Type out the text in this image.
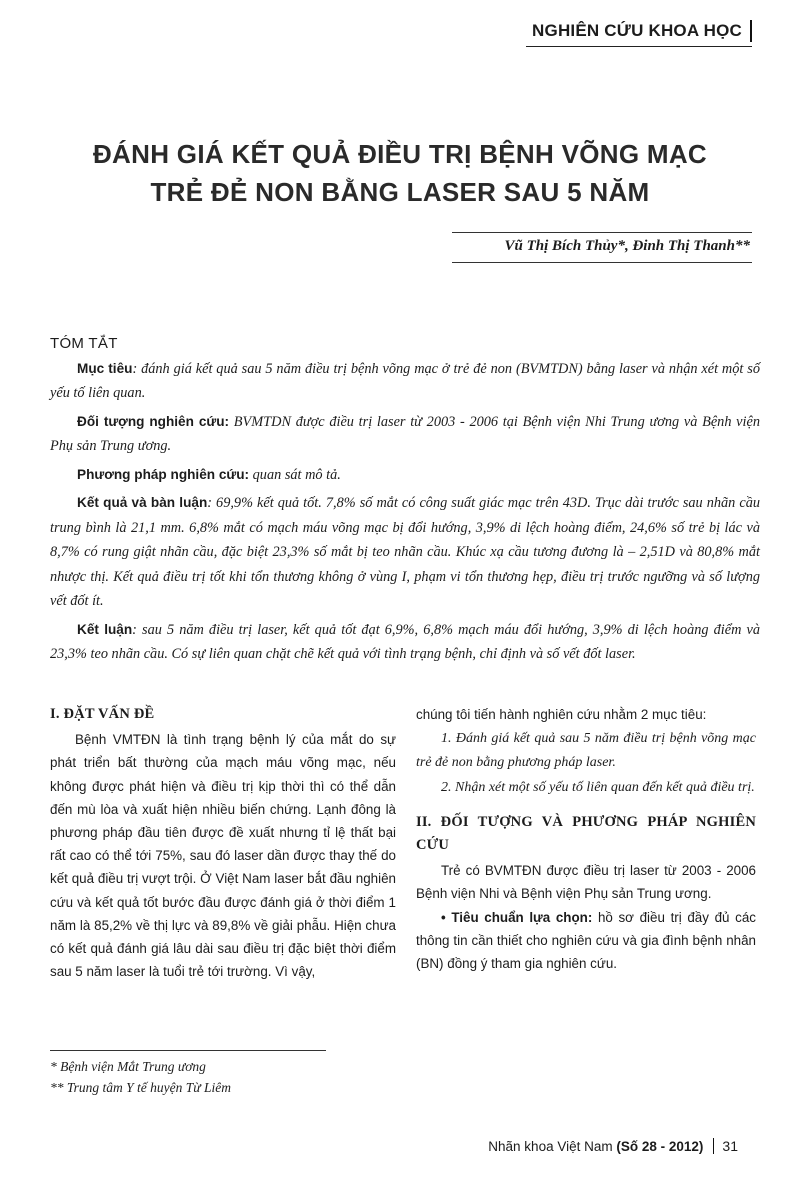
NGHIÊN CỨU KHOA HỌC
ĐÁNH GIÁ KẾT QUẢ ĐIỀU TRỊ BỆNH VÕNG MẠC
TRẺ ĐẺ NON BẰNG LASER SAU 5 NĂM
Vũ Thị Bích Thủy*, Đinh Thị Thanh**
TÓM TẮT

Mục tiêu: đánh giá kết quả sau 5 năm điều trị bệnh võng mạc ở trẻ đẻ non (BVMTDN) bằng laser và nhận xét một số yếu tố liên quan.

Đối tượng nghiên cứu: BVMTDN được điều trị laser từ 2003 - 2006 tại Bệnh viện Nhi Trung ương và Bệnh viện Phụ sản Trung ương.

Phương pháp nghiên cứu: quan sát mô tả.

Kết quả và bàn luận: 69,9% kết quả tốt. 7,8% số mắt có công suất giác mạc trên 43D. Trục dài trước sau nhãn cầu trung bình là 21,1 mm. 6,8% mắt có mạch máu võng mạc bị đổi hướng, 3,9% di lệch hoàng điểm, 24,6% số trẻ bị lác và 8,7% có rung giật nhãn cầu, đặc biệt 23,3% số mắt bị teo nhãn cầu. Khúc xạ cầu tương đương là – 2,51D và 80,8% mắt nhược thị. Kết quả điều trị tốt khi tổn thương không ở vùng I, phạm vi tổn thương hẹp, điều trị trước ngưỡng và số lượng vết đốt ít.

Kết luận: sau 5 năm điều trị laser, kết quả tốt đạt 6,9%, 6,8% mạch máu đổi hướng, 3,9% di lệch hoàng điểm và 23,3% teo nhãn cầu. Có sự liên quan chặt chẽ kết quả với tình trạng bệnh, chỉ định và số vết đốt laser.

I. ĐẶT VẤN ĐỀ

Bệnh VMTĐN là tình trạng bệnh lý của mắt do sự phát triển bất thường của mạch máu võng mạc, nếu không được phát hiện và điều trị kịp thời thì có thể dẫn đến mù lòa và xuất hiện nhiều biến chứng. Lạnh đông là phương pháp đầu tiên được đề xuất nhưng tỉ lệ thất bại rất cao có thể tới 75%, sau đó laser dần được thay thế do kết quả điều trị vượt trội. Ở Việt Nam laser bắt đầu nghiên cứu và kết quả tốt bước đầu được đánh giá ở thời điểm 1 năm là 85,2% về thị lực và 89,8% về giải phẫu. Hiện chưa có kết quả đánh giá lâu dài sau điều trị đặc biệt thời điểm sau 5 năm laser là tuổi trẻ tới trường. Vì vậy,

chúng tôi tiến hành nghiên cứu nhằm 2 mục tiêu:

1. Đánh giá kết quả sau 5 năm điều trị bệnh võng mạc trẻ đẻ non bằng phương pháp laser.

2. Nhận xét một số yếu tố liên quan đến kết quả điều trị.

II. ĐỐI TƯỢNG VÀ PHƯƠNG PHÁP NGHIÊN CỨU

Trẻ có BVMTĐN được điều trị laser từ 2003 - 2006 Bệnh viện Nhi và Bệnh viện Phụ sản Trung ương.

• Tiêu chuẩn lựa chọn: hồ sơ điều trị đầy đủ các thông tin cần thiết cho nghiên cứu và gia đình bệnh nhân (BN) đồng ý tham gia nghiên cứu.

* Bệnh viện Mắt Trung ương
** Trung tâm Y tế huyện Từ Liêm
Nhãn khoa Việt Nam (Số 28 - 2012) 31
